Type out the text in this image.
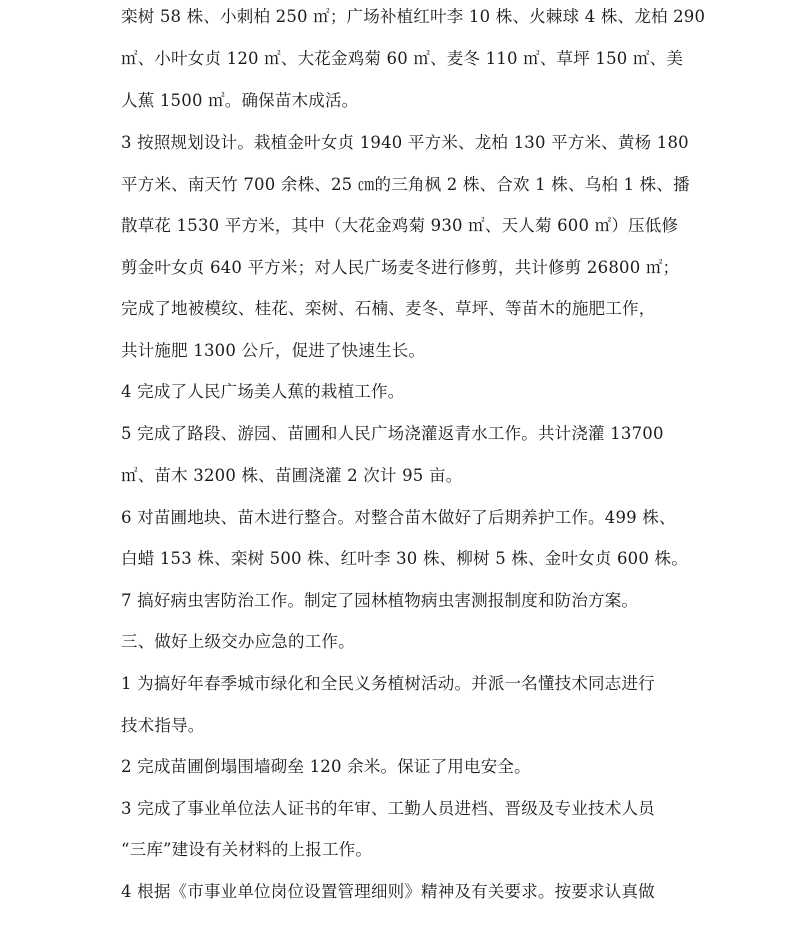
栾树 58 株、小刺柏 250 ㎡；广场补植红叶李 10 株、火棘球 4 株、龙柏 290
㎡、小叶女贞 120 ㎡、大花金鸡菊 60 ㎡、麦冬 110 ㎡、草坪 150 ㎡、美
人蕉 1500 ㎡。确保苗木成活。
3 按照规划设计。栽植金叶女贞 1940 平方米、龙柏 130 平方米、黄杨 180
平方米、南天竹 700 余株、25 ㎝的三角枫 2 株、合欢 1 株、乌桕 1 株、播
散草花 1530 平方米，其中（大花金鸡菊 930 ㎡、天人菊 600 ㎡）压低修
剪金叶女贞 640 平方米；对人民广场麦冬进行修剪，共计修剪 26800 ㎡；
完成了地被模纹、桂花、栾树、石楠、麦冬、草坪、等苗木的施肥工作，
共计施肥 1300 公斤，促进了快速生长。
4 完成了人民广场美人蕉的栽植工作。
5 完成了路段、游园、苗圃和人民广场浇灌返青水工作。共计浇灌 13700
㎡、苗木 3200 株、苗圃浇灌 2 次计 95 亩。
6 对苗圃地块、苗木进行整合。对整合苗木做好了后期养护工作。499 株、
白蜡 153 株、栾树 500 株、红叶李 30 株、柳树 5 株、金叶女贞 600 株。
7 搞好病虫害防治工作。制定了园林植物病虫害测报制度和防治方案。
三、做好上级交办应急的工作。
1 为搞好年春季城市绿化和全民义务植树活动。并派一名懂技术同志进行
技术指导。
2 完成苗圃倒塌围墙砌垒 120 余米。保证了用电安全。
3 完成了事业单位法人证书的年审、工勤人员进档、晋级及专业技术人员
“三库”建设有关材料的上报工作。
4 根据《市事业单位岗位设置管理细则》精神及有关要求。按要求认真做
